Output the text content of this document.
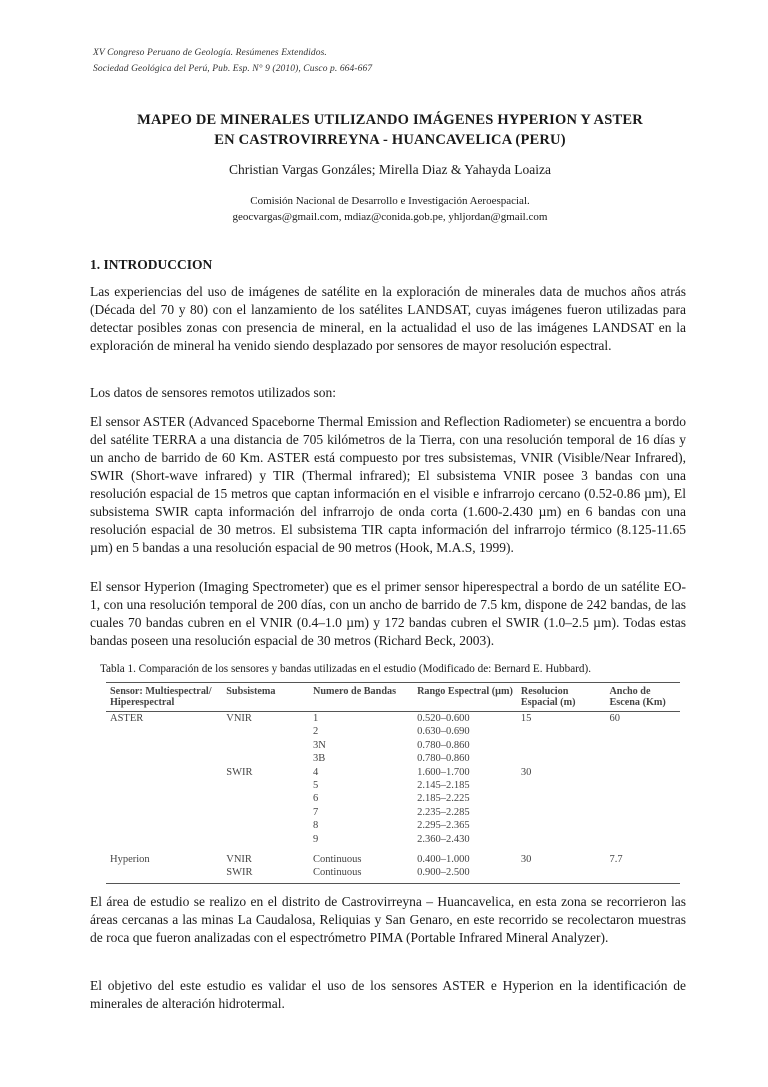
XV Congreso Peruano de Geología. Resúmenes Extendidos.
Sociedad Geológica del Perú, Pub. Esp. N° 9 (2010), Cusco p. 664-667
MAPEO DE MINERALES UTILIZANDO IMÁGENES HYPERION Y ASTER
EN CASTROVIRREYNA - HUANCAVELICA (PERU)
Christian Vargas Gonzáles; Mirella Diaz & Yahayda Loaiza
Comisión Nacional de Desarrollo e Investigación Aeroespacial.
geocvargas@gmail.com, mdiaz@conida.gob.pe, yhljordan@gmail.com
1. INTRODUCCION

Las experiencias del uso de imágenes de satélite en la exploración de minerales data de muchos años atrás (Década del 70 y 80) con el lanzamiento de los satélites LANDSAT, cuyas imágenes fueron utilizadas para detectar posibles zonas con presencia de mineral, en la actualidad el uso de las imágenes LANDSAT en la exploración de mineral ha venido siendo desplazado por sensores de mayor resolución espectral.

Los datos de sensores remotos utilizados son:

El sensor ASTER (Advanced Spaceborne Thermal Emission and Reflection Radiometer) se encuentra a bordo del satélite TERRA a una distancia de 705 kilómetros de la Tierra, con una resolución temporal de 16 días y un ancho de barrido de 60 Km. ASTER está compuesto por tres subsistemas, VNIR (Visible/Near Infrared), SWIR (Short-wave infrared) y TIR (Thermal infrared); El subsistema VNIR posee 3 bandas con una resolución espacial de 15 metros que captan información en el visible e infrarrojo cercano (0.52-0.86 µm), El subsistema SWIR capta información del infrarrojo de onda corta (1.600-2.430 µm) en 6 bandas con una resolución espacial de 30 metros. El subsistema TIR capta información del infrarrojo térmico (8.125-11.65 µm) en 5 bandas a una resolución espacial de 90 metros (Hook, M.A.S, 1999).

El sensor Hyperion (Imaging Spectrometer) que es el primer sensor hiperespectral a bordo de un satélite EO-1, con una resolución temporal de 200 días, con un ancho de barrido de 7.5 km, dispone de 242 bandas, de las cuales 70 bandas cubren en el VNIR (0.4–1.0 µm) y 172 bandas cubren el SWIR (1.0–2.5 µm). Todas estas bandas poseen una resolución espacial de 30 metros (Richard Beck, 2003).

Tabla 1. Comparación de los sensores y bandas utilizadas en el estudio (Modificado de: Bernard E. Hubbard).
Sensor: Multiespectral/ Hiperespectral	Subsistema	Numero de Bandas	Rango Espectral (µm)	Resolucion Espacial (m)	Ancho de Escena (Km)
ASTER	VNIR	1	0.520–0.600	15	60
		2	0.630–0.690		
		3N	0.780–0.860		
		3B	0.780–0.860		
	SWIR	4	1.600–1.700	30	
		5	2.145–2.185		
		6	2.185–2.225		
		7	2.235–2.285		
		8	2.295–2.365		
		9	2.360–2.430		
Hyperion	VNIR	Continuous	0.400–1.000	30	7.7
	SWIR	Continuous	0.900–2.500		

El área de estudio se realizo en el distrito de Castrovirreyna – Huancavelica, en esta zona se recorrieron las áreas cercanas a las minas La Caudalosa, Reliquias y San Genaro, en este recorrido se recolectaron muestras de roca que fueron analizadas con el espectrómetro PIMA (Portable Infrared Mineral Analyzer).

El objetivo del este estudio es validar el uso de los sensores ASTER e Hyperion en la identificación de minerales de alteración hidrotermal.
